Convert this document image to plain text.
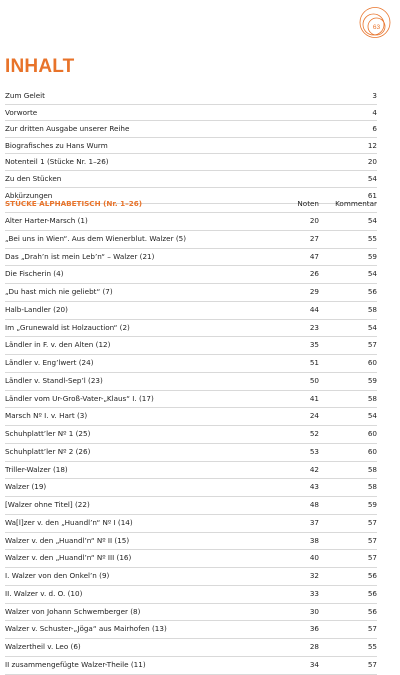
63
INHALT
Zum Geleit	3
Vorworte	4
Zur dritten Ausgabe unserer Reihe	6
Biografisches zu Hans Wurm	12
Notenteil 1 (Stücke Nr. 1–26)	20
Zu den Stücken	54
Abkürzungen	61
STÜCKE ALPHABETISCH (Nr. 1–26)	Noten	Kommentar
Alter Harter-Marsch (1)	20	54
„Bei uns in Wien“. Aus dem Wienerblut. Walzer (5)	27	55
Das „Drah’n ist mein Leb’n“ – Walzer (21)	47	59
Die Fischerin (4)	26	54
„Du hast mich nie geliebt“ (7)	29	56
Halb-Landler (20)	44	58
Im „Grunewald ist Holzauction“ (2)	23	54
Ländler in F. v. den Alten (12)	35	57
Ländler v. Eng’lwert (24)	51	60
Ländler v. Standl-Sep’l (23)	50	59
Ländler vom Ur-Groß-Vater-„Klaus“ I. (17)	41	58
Marsch Nº I. v. Hart (3)	24	54
Schuhplatt’ler Nº 1 (25)	52	60
Schuhplatt’ler Nº 2 (26)	53	60
Triller-Walzer (18)	42	58
Walzer (19)	43	58
[Walzer ohne Titel] (22)	48	59
Wa[l]zer v. den „Huandl’n“ Nº I (14)	37	57
Walzer v. den „Huandl’n“ Nº II (15)	38	57
Walzer v. den „Huandl’n“ Nº III (16)	40	57
I. Walzer von den Onkel’n (9)	32	56
II. Walzer v. d. O. (10)	33	56
Walzer von Johann Schwemberger (8)	30	56
Walzer v. Schuster-„Jöga“ aus Mairhofen (13)	36	57
Walzertheil v. Leo (6)	28	55
II zusammengefügte Walzer-Theile (11)	34	57
